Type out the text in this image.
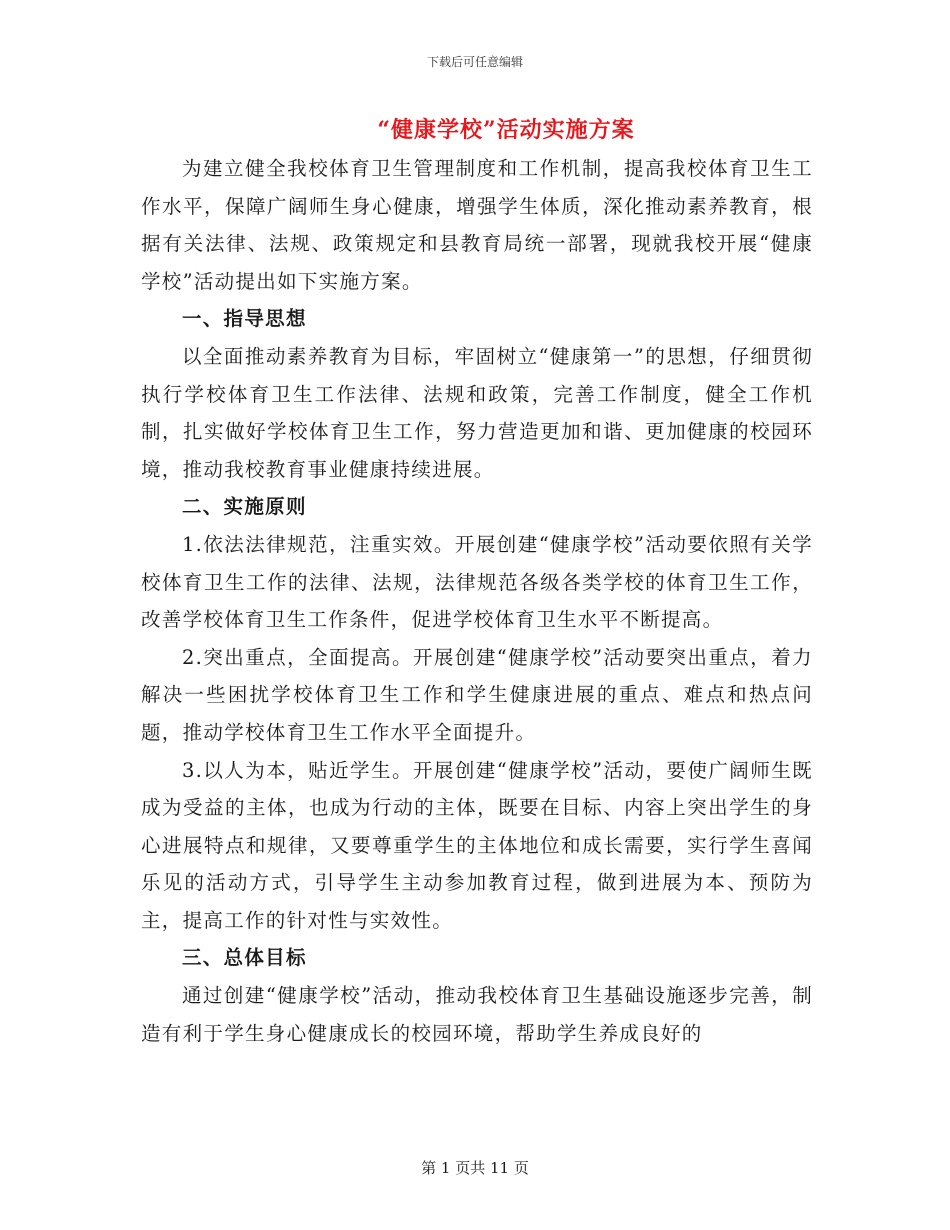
下载后可任意编辑
“健康学校”活动实施方案

为建立健全我校体育卫生管理制度和工作机制，提高我校体育卫生工作水平，保障广阔师生身心健康，增强学生体质，深化推动素养教育，根据有关法律、法规、政策规定和县教育局统一部署，现就我校开展“健康学校”活动提出如下实施方案。

一、指导思想

以全面推动素养教育为目标，牢固树立“健康第一”的思想，仔细贯彻执行学校体育卫生工作法律、法规和政策，完善工作制度，健全工作机制，扎实做好学校体育卫生工作，努力营造更加和谐、更加健康的校园环境，推动我校教育事业健康持续进展。

二、实施原则

1.依法法律规范，注重实效。开展创建“健康学校”活动要依照有关学校体育卫生工作的法律、法规，法律规范各级各类学校的体育卫生工作，改善学校体育卫生工作条件，促进学校体育卫生水平不断提高。

2.突出重点，全面提高。开展创建“健康学校”活动要突出重点，着力解决一些困扰学校体育卫生工作和学生健康进展的重点、难点和热点问题，推动学校体育卫生工作水平全面提升。

3.以人为本，贴近学生。开展创建“健康学校”活动，要使广阔师生既成为受益的主体，也成为行动的主体，既要在目标、内容上突出学生的身心进展特点和规律，又要尊重学生的主体地位和成长需要，实行学生喜闻乐见的活动方式，引导学生主动参加教育过程，做到进展为本、预防为主，提高工作的针对性与实效性。

三、总体目标

通过创建“健康学校”活动，推动我校体育卫生基础设施逐步完善，制造有利于学生身心健康成长的校园环境，帮助学生养成良好的

第 1 页共 11 页
